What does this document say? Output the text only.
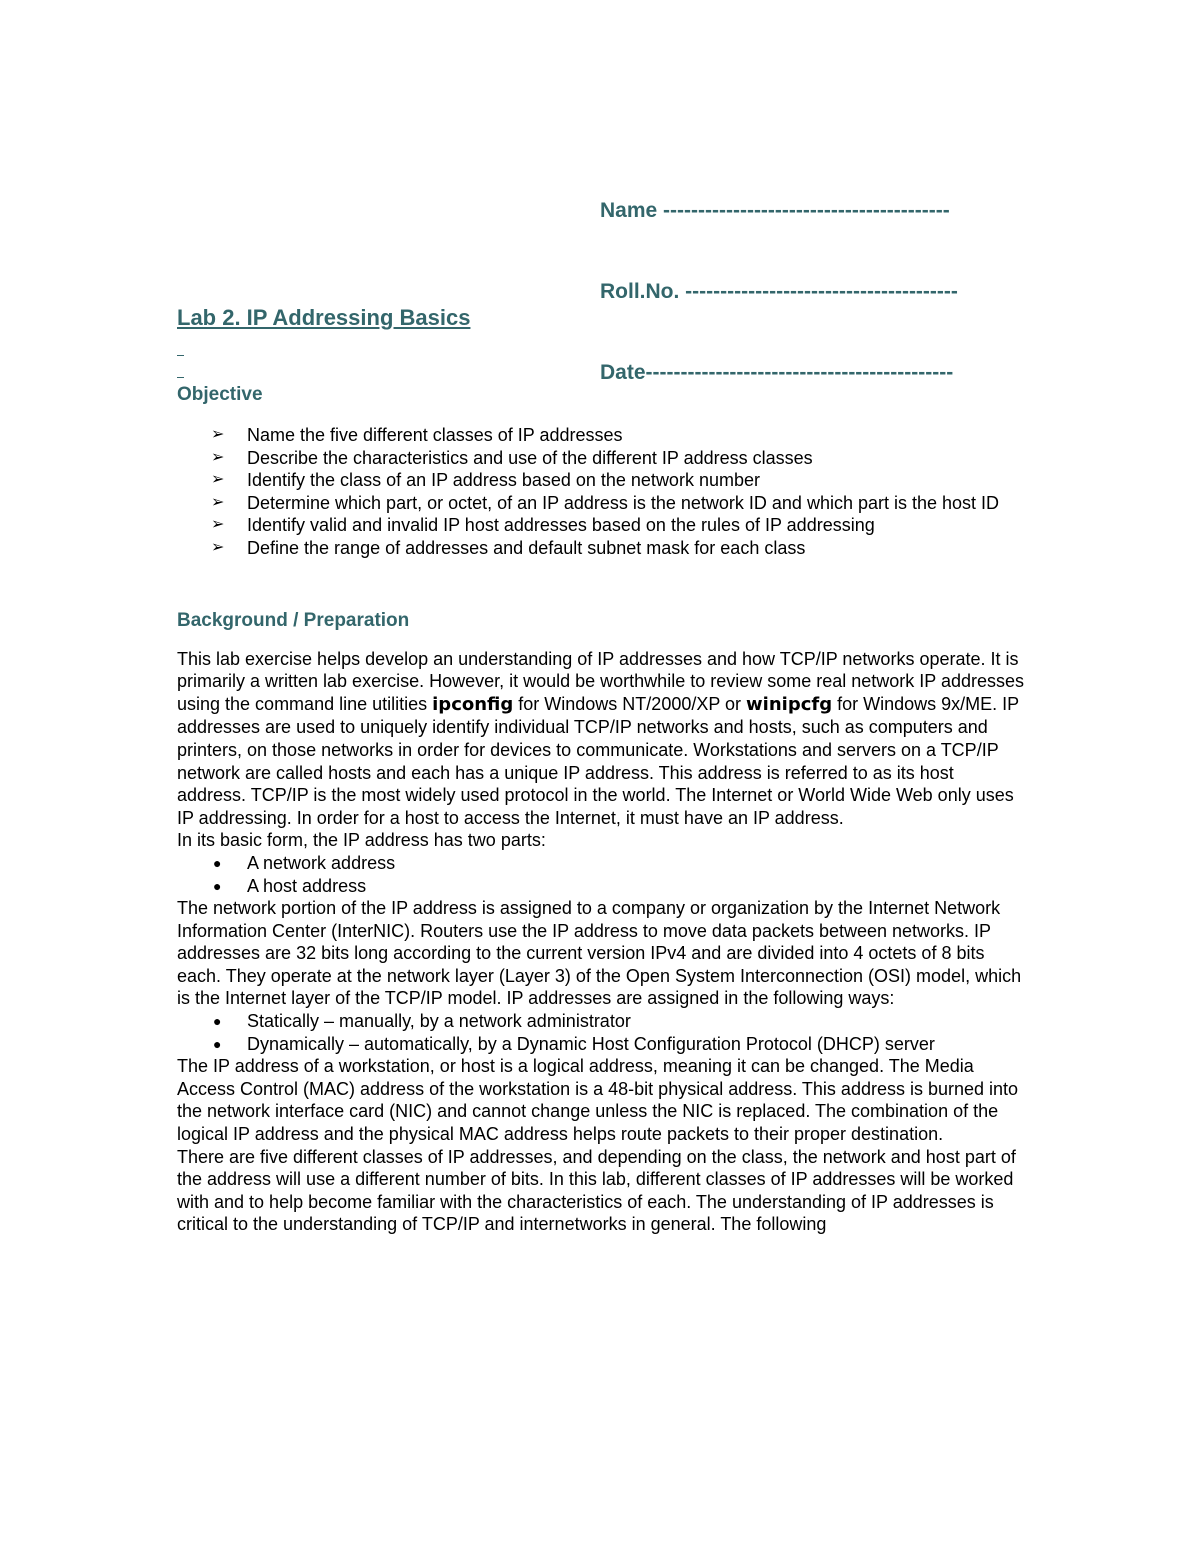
Name -----------------------------------------

Roll.No. ---------------------------------------

Date--------------------------------------------

Lab 2. IP Addressing Basics
Objective
➢ Name the five different classes of IP addresses
➢ Describe the characteristics and use of the different IP address classes
➢ Identify the class of an IP address based on the network number
➢ Determine which part, or octet, of an IP address is the network ID and which part is the host ID
➢ Identify valid and invalid IP host addresses based on the rules of IP addressing
➢ Define the range of addresses and default subnet mask for each class
Background / Preparation

This lab exercise helps develop an understanding of IP addresses and how TCP/IP networks operate. It is primarily a written lab exercise. However, it would be worthwhile to review some real network IP addresses using the command line utilities ipconfig for Windows NT/2000/XP or winipcfg for Windows 9x/ME. IP addresses are used to uniquely identify individual TCP/IP networks and hosts, such as computers and printers, on those networks in order for devices to communicate. Workstations and servers on a TCP/IP network are called hosts and each has a unique IP address. This address is referred to as its host address. TCP/IP is the most widely used protocol in the world. The Internet or World Wide Web only uses IP addressing. In order for a host to access the Internet, it must have an IP address.

In its basic form, the IP address has two parts:

● A network address
● A host address

The network portion of the IP address is assigned to a company or organization by the Internet Network Information Center (InterNIC). Routers use the IP address to move data packets between networks. IP addresses are 32 bits long according to the current version IPv4 and are divided into 4 octets of 8 bits each. They operate at the network layer (Layer 3) of the Open System Interconnection (OSI) model, which is the Internet layer of the TCP/IP model. IP addresses are assigned in the following ways:

● Statically – manually, by a network administrator
● Dynamically – automatically, by a Dynamic Host Configuration Protocol (DHCP) server

The IP address of a workstation, or host is a logical address, meaning it can be changed. The Media Access Control (MAC) address of the workstation is a 48-bit physical address. This address is burned into the network interface card (NIC) and cannot change unless the NIC is replaced. The combination of the logical IP address and the physical MAC address helps route packets to their proper destination.

There are five different classes of IP addresses, and depending on the class, the network and host part of the address will use a different number of bits. In this lab, different classes of IP addresses will be worked with and to help become familiar with the characteristics of each. The understanding of IP addresses is critical to the understanding of TCP/IP and internetworks in general. The following
